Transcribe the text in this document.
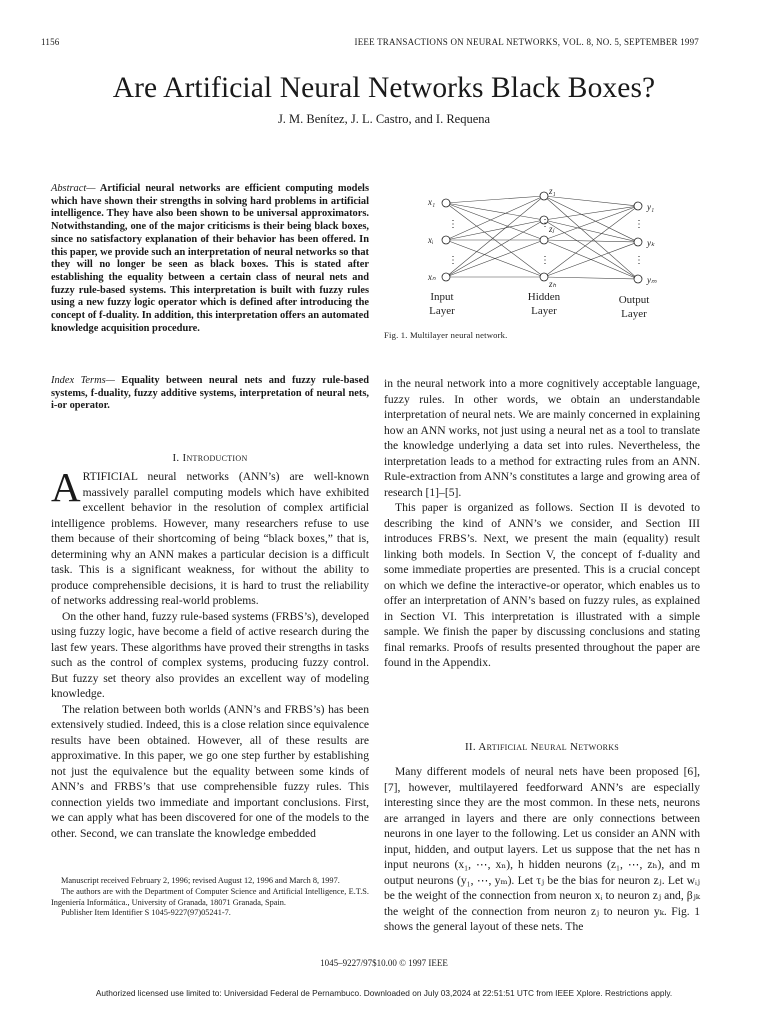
1156	IEEE TRANSACTIONS ON NEURAL NETWORKS, VOL. 8, NO. 5, SEPTEMBER 1997
Are Artificial Neural Networks Black Boxes?
J. M. Benítez, J. L. Castro, and I. Requena
Abstract— Artificial neural networks are efficient computing models which have shown their strengths in solving hard problems in artificial intelligence. They have also been shown to be universal approximators. Notwithstanding, one of the major criticisms is their being black boxes, since no satisfactory explanation of their behavior has been offered. In this paper, we provide such an interpretation of neural networks so that they will no longer be seen as black boxes. This is stated after establishing the equality between a certain class of neural nets and fuzzy rule-based systems. This interpretation is built with fuzzy rules using a new fuzzy logic operator which is defined after introducing the concept of f-duality. In addition, this interpretation offers an automated knowledge acquisition procedure.
Index Terms— Equality between neural nets and fuzzy rule-based systems, f-duality, fuzzy additive systems, interpretation of neural nets, i-or operator.
I. Introduction

ARTIFICIAL neural networks (ANN’s) are well-known massively parallel computing models which have exhibited excellent behavior in the resolution of complex artificial intelligence problems. However, many researchers refuse to use them because of their shortcoming of being “black boxes,” that is, determining why an ANN makes a particular decision is a difficult task. This is a significant weakness, for without the ability to produce comprehensible decisions, it is hard to trust the reliability of networks addressing real-world problems.

On the other hand, fuzzy rule-based systems (FRBS’s), developed using fuzzy logic, have become a field of active research during the last few years. These algorithms have proved their strengths in tasks such as the control of complex systems, producing fuzzy control. But fuzzy set theory also provides an excellent way of modeling knowledge.

The relation between both worlds (ANN’s and FRBS’s) has been extensively studied. Indeed, this is a close relation since equivalence results have been obtained. However, all of these results are approximative. In this paper, we go one step further by establishing not just the equivalence but the equality between some kinds of ANN’s and FRBS’s that use comprehensible fuzzy rules. This connection yields two immediate and important conclusions. First, we can apply what has been discovered for one of the models to the other. Second, we can translate the knowledge embedded

Manuscript received February 2, 1996; revised August 12, 1996 and March 8, 1997.

The authors are with the Department of Computer Science and Artificial Intelligence, E.T.S. Ingeniería Informática., University of Granada, 18071 Granada, Spain.

Publisher Item Identifier S 1045-9227(97)05241-7.

x₁
xᵢ
xₙ
z₁
zⱼ
zₕ
y₁
yₖ
yₘ
⋮
⋮
⋮
⋮
⋮
⋮
Input
Layer
Hidden
Layer
Output
Layer
Fig. 1. Multilayer neural network.

in the neural network into a more cognitively acceptable language, fuzzy rules. In other words, we obtain an understandable interpretation of neural nets. We are mainly concerned in explaining how an ANN works, not just using a neural net as a tool to translate the knowledge underlying a data set into rules. Nevertheless, the interpretation leads to a method for extracting rules from an ANN. Rule-extraction from ANN’s constitutes a large and growing area of research [1]–[5].

This paper is organized as follows. Section II is devoted to describing the kind of ANN’s we consider, and Section III introduces FRBS’s. Next, we present the main (equality) result linking both models. In Section V, the concept of f-duality and some immediate properties are presented. This is a crucial concept on which we define the interactive-or operator, which enables us to offer an interpretation of ANN’s based on fuzzy rules, as explained in Section VI. This interpretation is illustrated with a simple sample. We finish the paper by discussing conclusions and stating final remarks. Proofs of results presented throughout the paper are found in the Appendix.

II. Artificial Neural Networks

Many different models of neural nets have been proposed [6], [7], however, multilayered feedforward ANN’s are especially interesting since they are the most common. In these nets, neurons are arranged in layers and there are only connections between neurons in one layer to the following. Let us consider an ANN with input, hidden, and output layers. Let us suppose that the net has n input neurons (x₁, ⋯, xₙ), h hidden neurons (z₁, ⋯, zₕ), and m output neurons (y₁, ⋯, yₘ). Let τⱼ be the bias for neuron zⱼ. Let wᵢⱼ be the weight of the connection from neuron xᵢ to neuron zⱼ and, βⱼₖ the weight of the connection from neuron zⱼ to neuron yₖ. Fig. 1 shows the general layout of these nets. The

1045–9227/97$10.00 © 1997 IEEE
Authorized licensed use limited to: Universidad Federal de Pernambuco. Downloaded on July 03,2024 at 22:51:51 UTC from IEEE Xplore. Restrictions apply.
